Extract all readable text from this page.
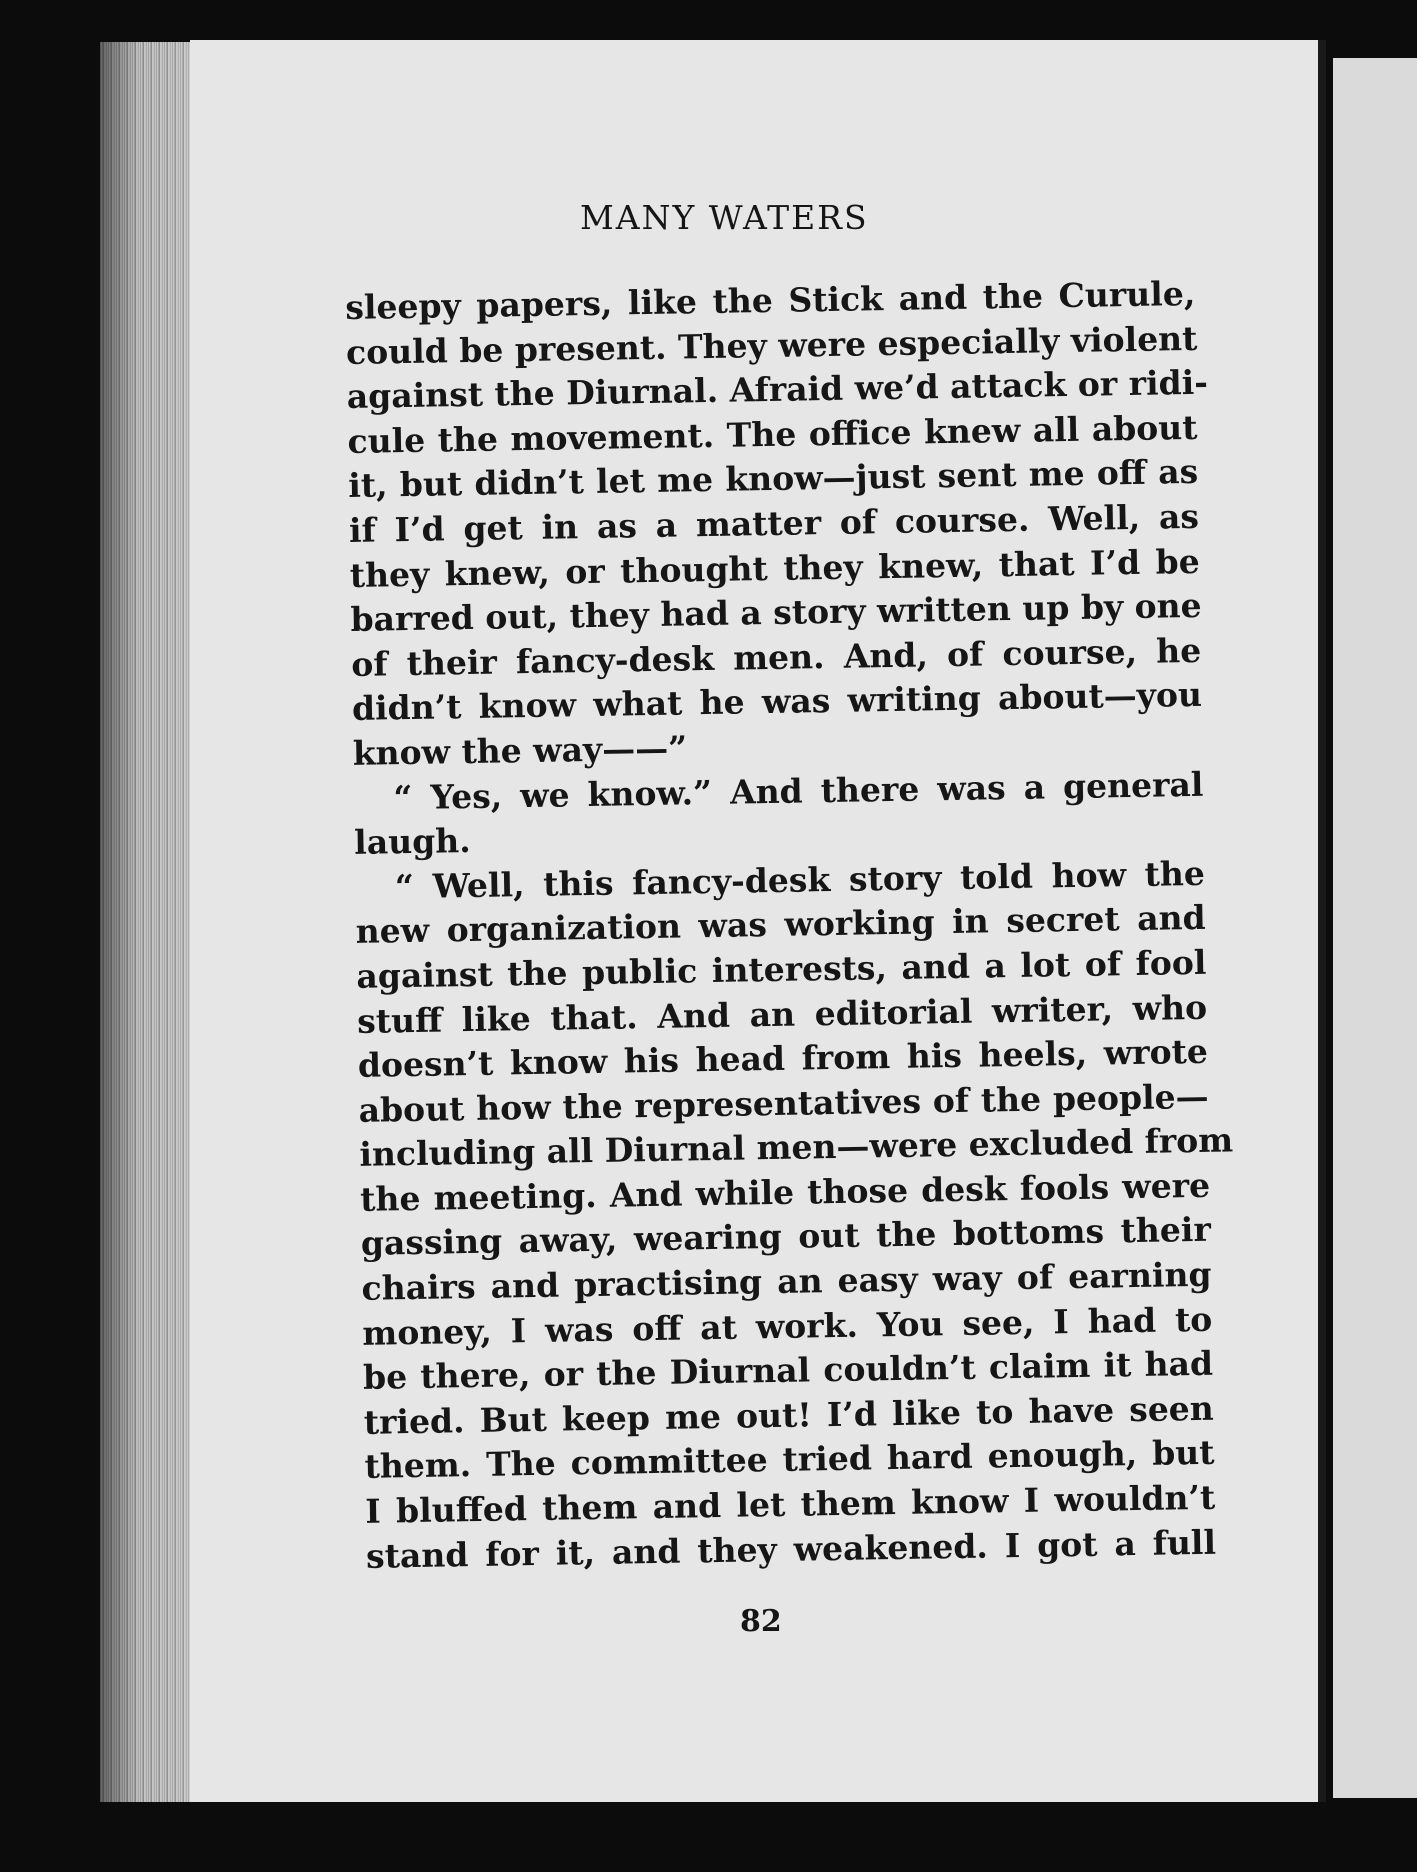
MANY WATERS
sleepy papers, like the Stick and the Curule,
could be present. They were especially violent
against the Diurnal. Afraid we’d attack or ridi-
cule the movement. The office knew all about
it, but didn’t let me know—just sent me off as
if I’d get in as a matter of course. Well, as
they knew, or thought they knew, that I’d be
barred out, they had a story written up by one
of their fancy-desk men. And, of course, he
didn’t know what he was writing about—you
know the way——”
“ Yes, we know.” And there was a general
laugh.
“ Well, this fancy-desk story told how the
new organization was working in secret and
against the public interests, and a lot of fool
stuff like that. And an editorial writer, who
doesn’t know his head from his heels, wrote
about how the representatives of the people—
including all Diurnal men—were excluded from
the meeting. And while those desk fools were
gassing away, wearing out the bottoms their
chairs and practising an easy way of earning
money, I was off at work. You see, I had to
be there, or the Diurnal couldn’t claim it had
tried. But keep me out! I’d like to have seen
them. The committee tried hard enough, but
I bluffed them and let them know I wouldn’t
stand for it, and they weakened. I got a full
82
